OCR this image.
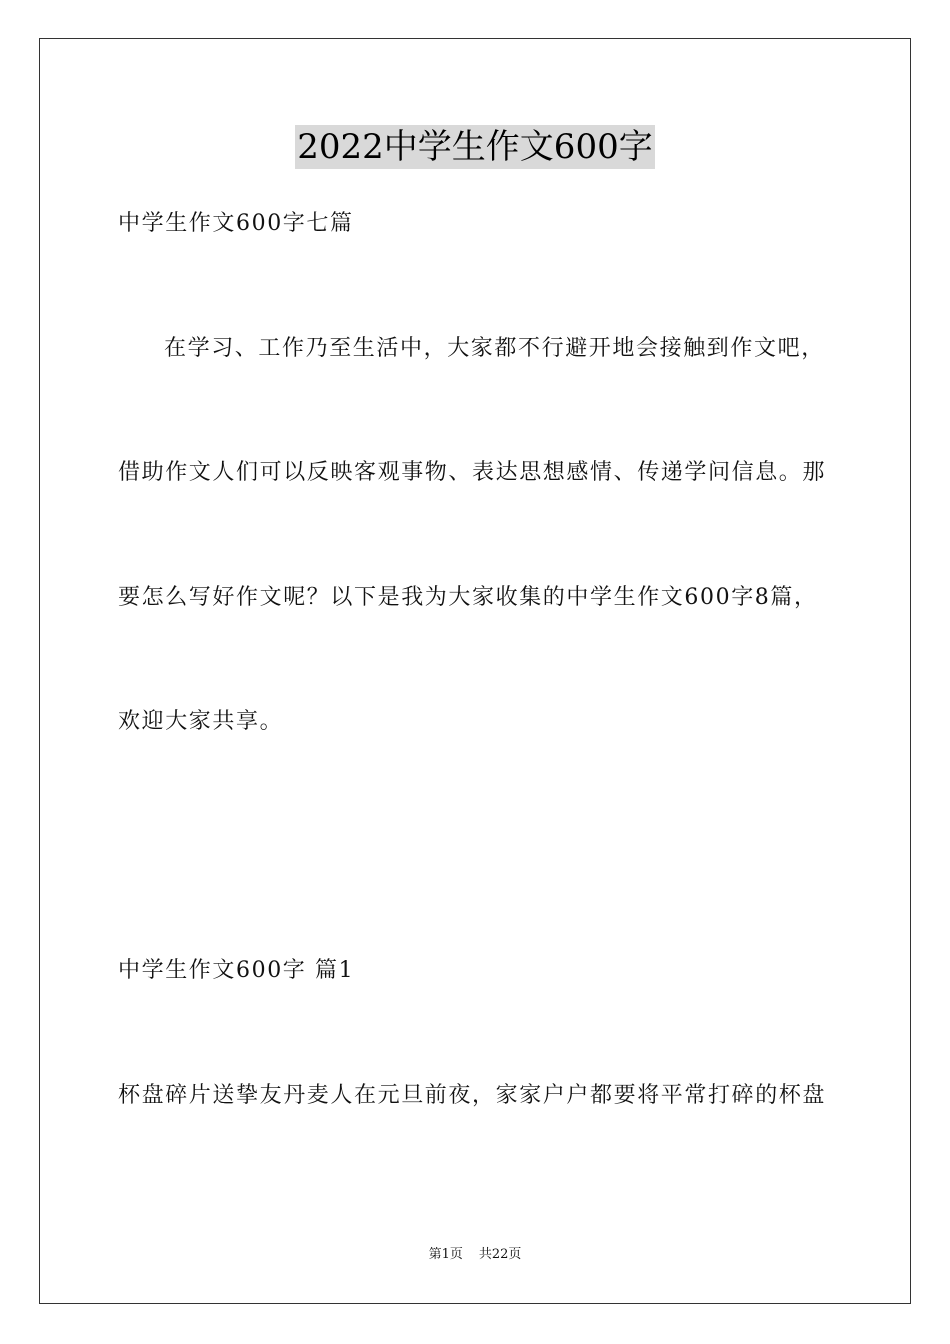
2022中学生作文600字
中学生作文600字七篇
在学习、工作乃至生活中，大家都不行避开地会接触到作文吧，
借助作文人们可以反映客观事物、表达思想感情、传递学问信息。那
要怎么写好作文呢？以下是我为大家收集的中学生作文600字8篇，
欢迎大家共享。
中学生作文600字 篇1
杯盘碎片送挚友丹麦人在元旦前夜，家家户户都要将平常打碎的杯盘
第1页 共22页
